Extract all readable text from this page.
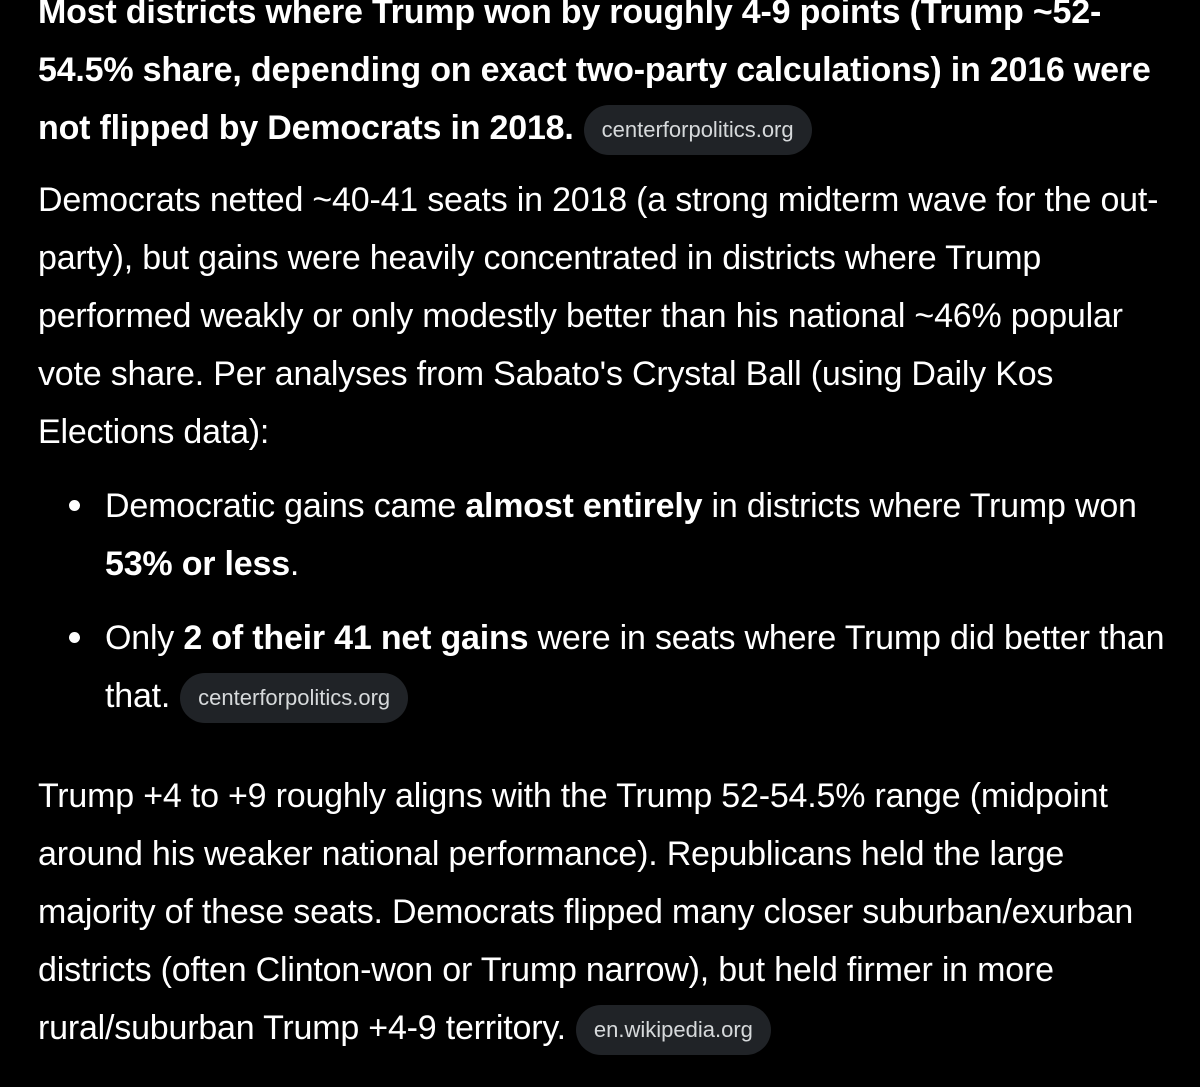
Most districts where Trump won by roughly 4-9 points (Trump ~52-54.5% share, depending on exact two-party calculations) in 2016 were not flipped by Democrats in 2018. centerforpolitics.org

Democrats netted ~40-41 seats in 2018 (a strong midterm wave for the out-party), but gains were heavily concentrated in districts where Trump performed weakly or only modestly better than his national ~46% popular vote share. Per analyses from Sabato's Crystal Ball (using Daily Kos Elections data):

Democratic gains came almost entirely in districts where Trump won 53% or less.
Only 2 of their 41 net gains were in seats where Trump did better than that. centerforpolitics.org

Trump +4 to +9 roughly aligns with the Trump 52-54.5% range (midpoint around his weaker national performance). Republicans held the large majority of these seats. Democrats flipped many closer suburban/exurban districts (often Clinton-won or Trump narrow), but held firmer in more rural/suburban Trump +4-9 territory. en.wikipedia.org
